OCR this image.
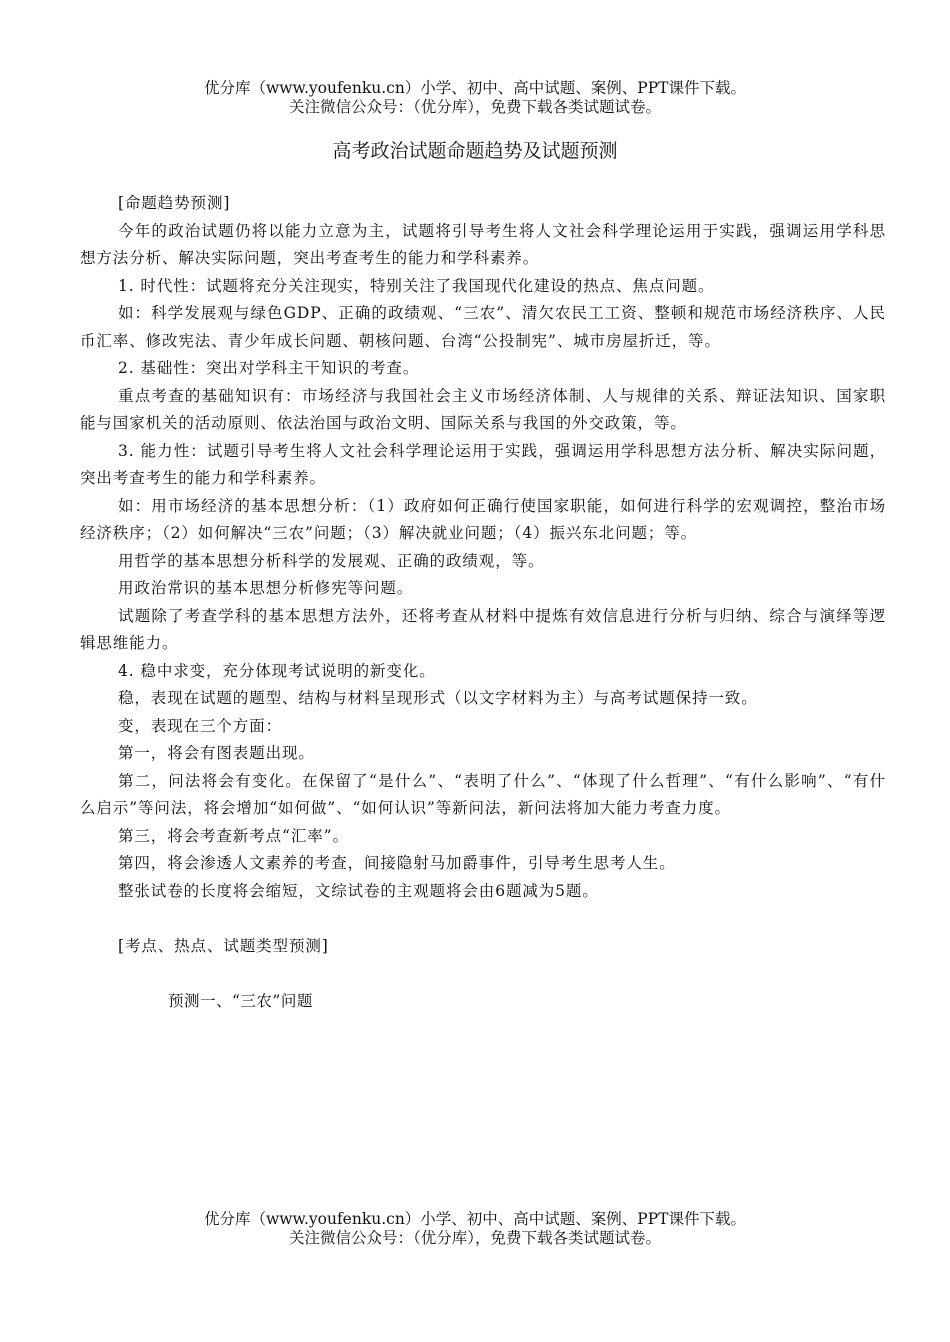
优分库（www.youfenku.cn）小学、初中、高中试题、案例、PPT课件下载。
关注微信公众号：（优分库），免费下载各类试题试卷。
高考政治试题命题趋势及试题预测

[命题趋势预测]

今年的政治试题仍将以能力立意为主，试题将引导考生将人文社会科学理论运用于实践，强调运用学科思想方法分析、解决实际问题，突出考查考生的能力和学科素养。

1. 时代性：试题将充分关注现实，特别关注了我国现代化建设的热点、焦点问题。

如：科学发展观与绿色GDP、正确的政绩观、“三农”、清欠农民工工资、整顿和规范市场经济秩序、人民币汇率、修改宪法、青少年成长问题、朝核问题、台湾“公投制宪”、城市房屋折迁，等。

2. 基础性：突出对学科主干知识的考查。

重点考查的基础知识有：市场经济与我国社会主义市场经济体制、人与规律的关系、辩证法知识、国家职能与国家机关的活动原则、依法治国与政治文明、国际关系与我国的外交政策，等。

3. 能力性：试题引导考生将人文社会科学理论运用于实践，强调运用学科思想方法分析、解决实际问题，突出考查考生的能力和学科素养。

如：用市场经济的基本思想分析：（1）政府如何正确行使国家职能，如何进行科学的宏观调控，整治市场经济秩序；（2）如何解决“三农”问题；（3）解决就业问题；（4）振兴东北问题；等。

用哲学的基本思想分析科学的发展观、正确的政绩观，等。

用政治常识的基本思想分析修宪等问题。

试题除了考查学科的基本思想方法外，还将考查从材料中提炼有效信息进行分析与归纳、综合与演绎等逻辑思维能力。

4. 稳中求变，充分体现考试说明的新变化。

稳，表现在试题的题型、结构与材料呈现形式（以文字材料为主）与高考试题保持一致。

变，表现在三个方面：

第一，将会有图表题出现。

第二，问法将会有变化。在保留了“是什么”、“表明了什么”、“体现了什么哲理”、“有什么影响”、“有什么启示”等问法，将会增加“如何做”、“如何认识”等新问法，新问法将加大能力考查力度。

第三，将会考查新考点“汇率”。

第四，将会渗透人文素养的考查，间接隐射马加爵事件，引导考生思考人生。

整张试卷的长度将会缩短，文综试卷的主观题将会由6题减为5题。

[考点、热点、试题类型预测]

预测一、“三农”问题

优分库（www.youfenku.cn）小学、初中、高中试题、案例、PPT课件下载。
关注微信公众号：（优分库），免费下载各类试题试卷。
